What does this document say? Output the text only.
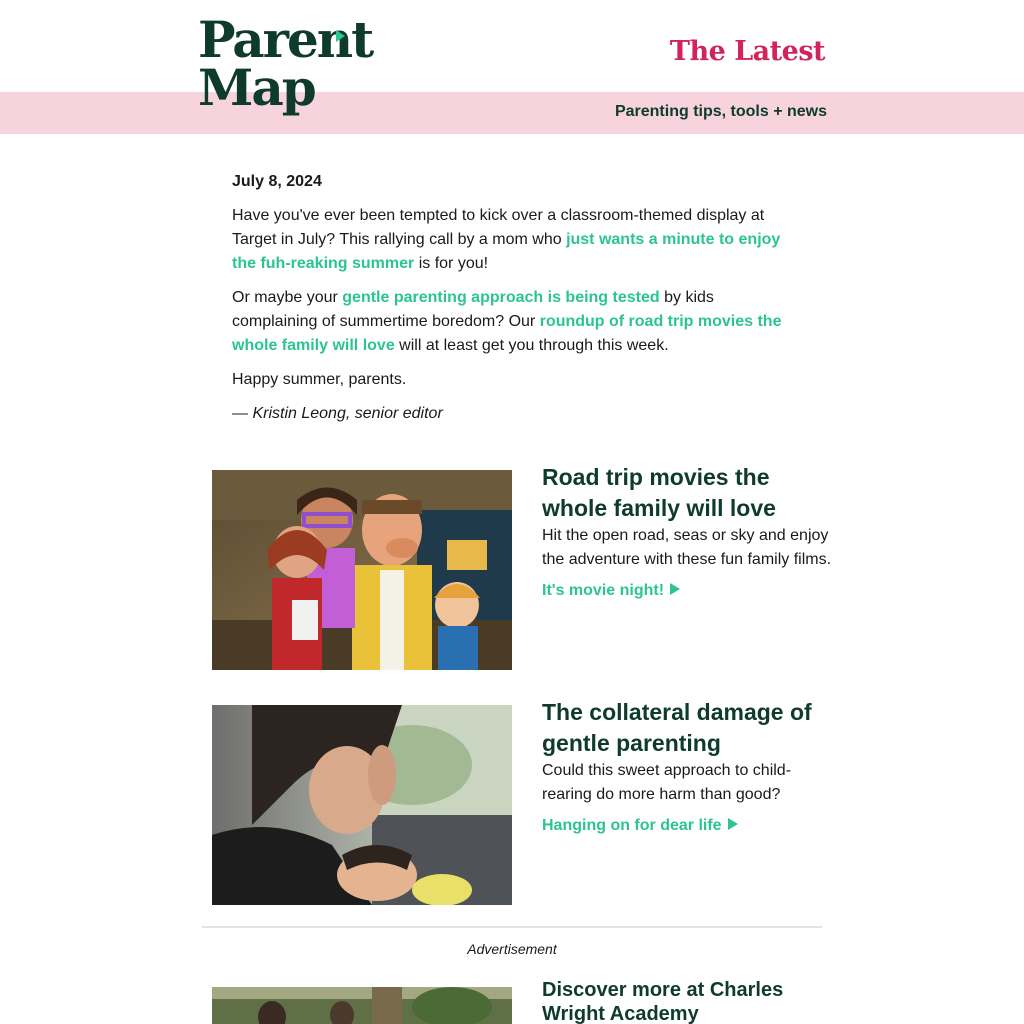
Parent
Map
The Latest
Parenting tips, tools + news
July 8, 2024

Have you've ever been tempted to kick over a classroom-themed display at Target in July? This rallying call by a mom who just wants a minute to enjoy the fuh-reaking summer is for you!

Or maybe your gentle parenting approach is being tested by kids complaining of summertime boredom? Our roundup of road trip movies the whole family will love will at least get you through this week.

Happy summer, parents.

— Kristin Leong, senior editor

Road trip movies the whole family will love
Hit the open road, seas or sky and enjoy the adventure with these fun family films.
It's movie night!
The collateral damage of gentle parenting
Could this sweet approach to child-rearing do more harm than good?
Hanging on for dear life
Advertisement
Discover more at Charles Wright Academy
